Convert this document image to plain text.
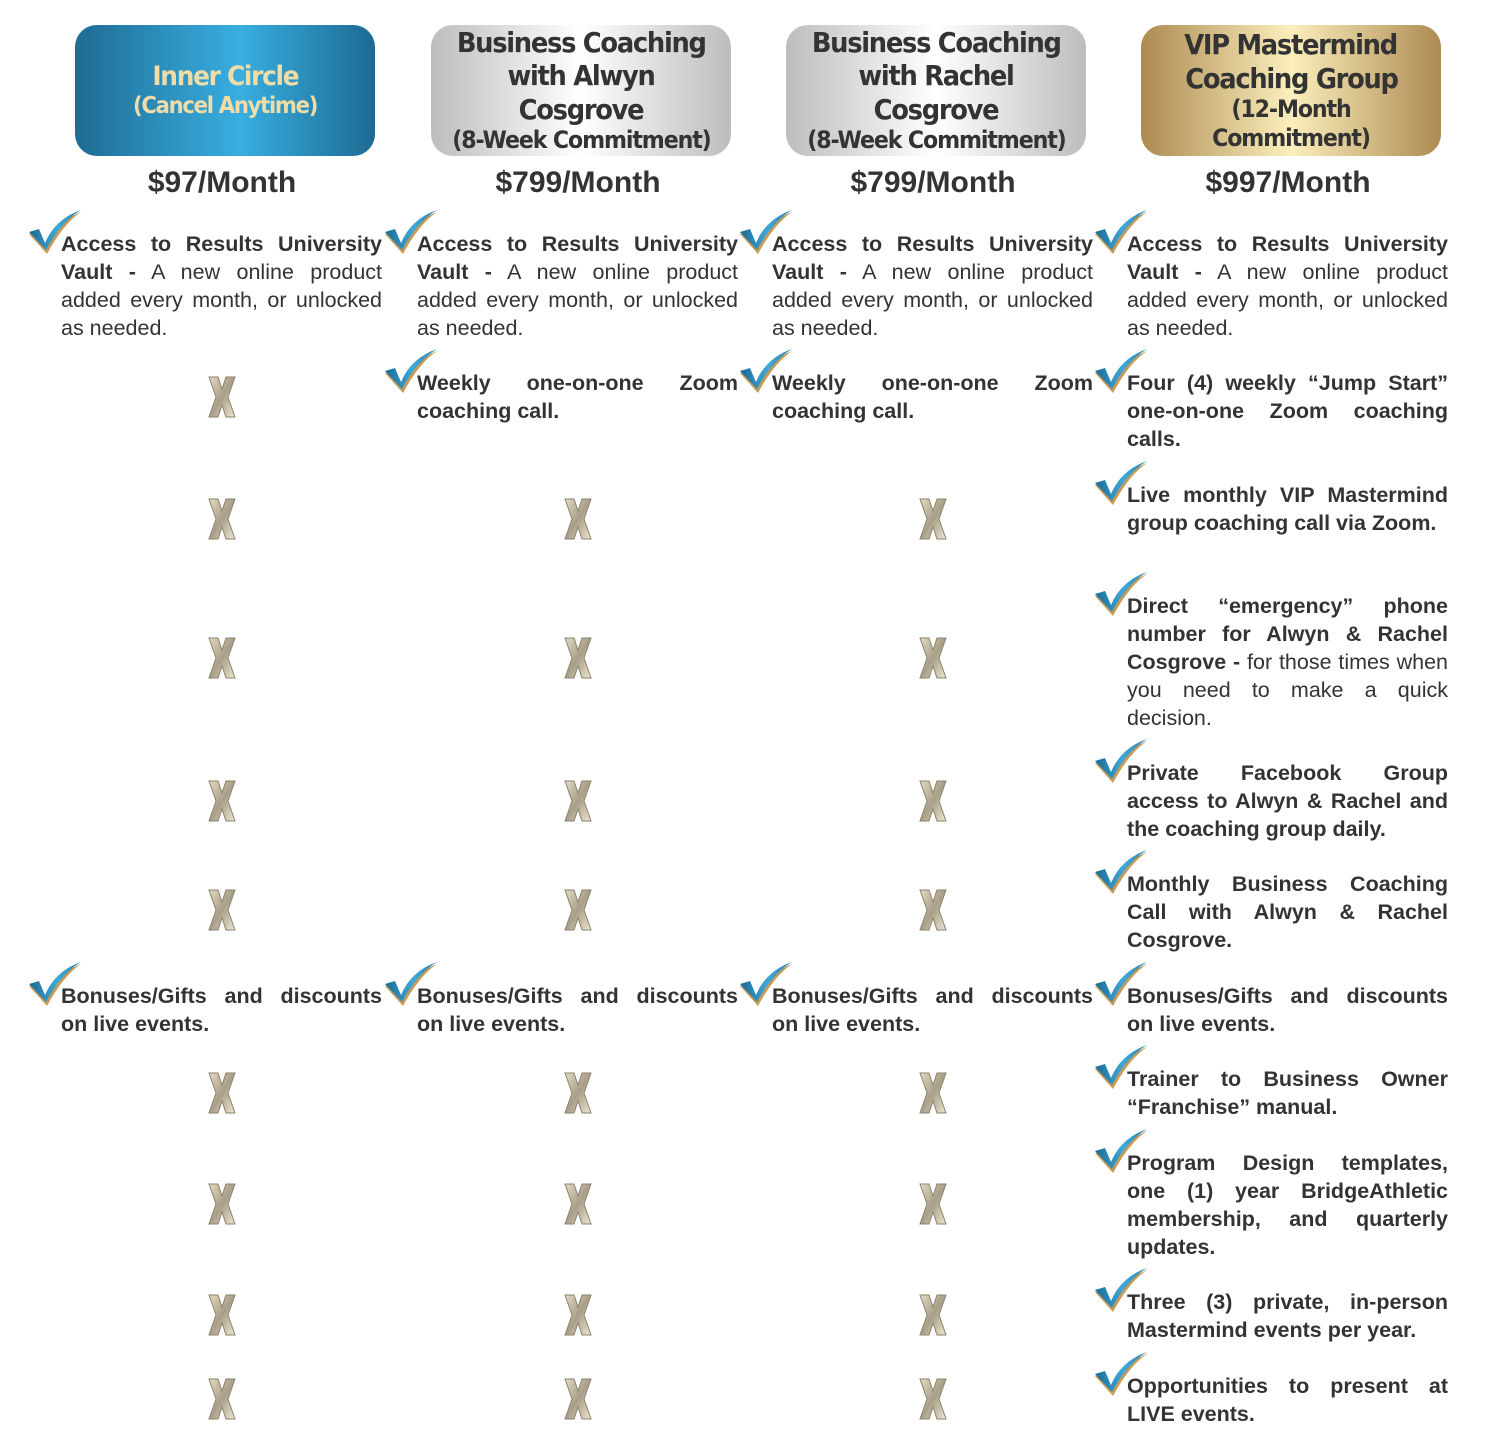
Inner Circle
(Cancel Anytime)
$97/Month
Access to Results University Vault - A new online product added every month, or unlocked as needed.
Bonuses/Gifts and discounts on live events.
Business Coaching
with Alwyn Cosgrove
(8-Week Commitment)
$799/Month
Access to Results University Vault - A new online product added every month, or unlocked as needed.
Weekly one-on-one Zoom coaching call.
Bonuses/Gifts and discounts on live events.
Business Coaching
with Rachel Cosgrove
(8-Week Commitment)
$799/Month
Access to Results University Vault - A new online product added every month, or unlocked as needed.
Weekly one-on-one Zoom coaching call.
Bonuses/Gifts and discounts on live events.
VIP Mastermind
Coaching Group
(12-Month Commitment)
$997/Month
Access to Results University Vault - A new online product added every month, or unlocked as needed.
Four (4) weekly “Jump Start” one-on-one Zoom coaching calls.
Live monthly VIP Mastermind group coaching call via Zoom.
Direct “emergency” phone number for Alwyn & Rachel Cosgrove - for those times when you need to make a quick decision.
Private Facebook Group access to Alwyn & Rachel and the coaching group daily.
Monthly Business Coaching Call with Alwyn & Rachel Cosgrove.
Bonuses/Gifts and discounts on live events.
Trainer to Business Owner “Franchise” manual.
Program Design templates, one (1) year BridgeAthletic membership, and quarterly updates.
Three (3) private, in-person Mastermind events per year.
Opportunities to present at LIVE events.
